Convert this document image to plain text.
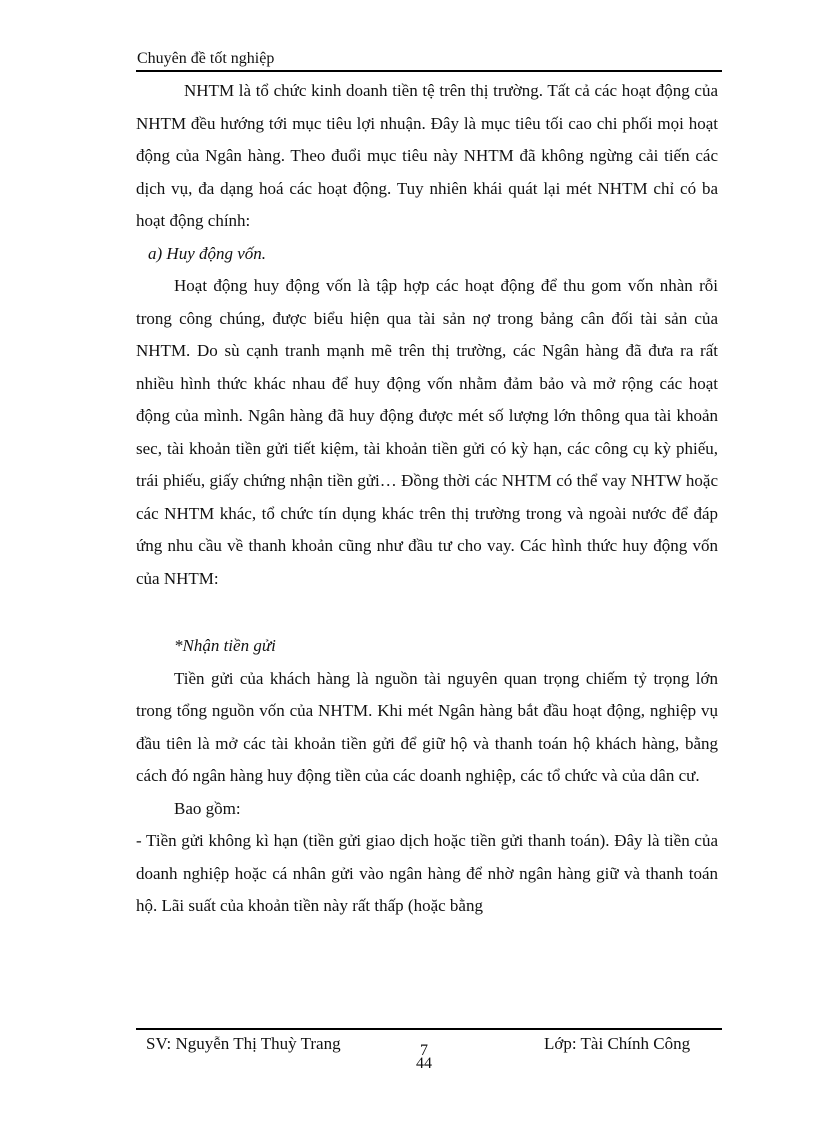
Chuyên đề tốt nghiệp

NHTM là tổ chức kinh doanh tiền tệ trên thị trường. Tất cả các hoạt động của NHTM đều hướng tới mục tiêu lợi nhuận. Đây là mục tiêu tối cao chi phối mọi hoạt động của Ngân hàng. Theo đuổi mục tiêu này NHTM đã không ngừng cải tiến các dịch vụ, đa dạng hoá các hoạt động. Tuy nhiên khái quát lại mét NHTM chỉ có ba hoạt động chính:

a) Huy động vốn.

Hoạt động huy động vốn là tập hợp các hoạt động để thu gom vốn nhàn rỗi trong công chúng, được biểu hiện qua tài sản nợ trong bảng cân đối tài sản của NHTM. Do sù cạnh tranh mạnh mẽ trên thị trường, các Ngân hàng đã đưa ra rất nhiều hình thức khác nhau để huy động vốn nhằm đảm bảo và mở rộng các hoạt động của mình. Ngân hàng đã huy động được mét số lượng lớn thông qua tài khoản sec, tài khoản tiền gửi tiết kiệm, tài khoản tiền gửi có kỳ hạn, các công cụ kỳ phiếu, trái phiếu, giấy chứng nhận tiền gửi… Đồng thời các NHTM có thể vay NHTW hoặc các NHTM khác, tổ chức tín dụng khác trên thị trường trong và ngoài nước để đáp ứng nhu cầu về thanh khoản cũng như đầu tư cho vay. Các hình thức huy động vốn của NHTM:

*Nhận tiền gửi

Tiền gửi của khách hàng là nguồn tài nguyên quan trọng chiếm tỷ trọng lớn trong tổng nguồn vốn của NHTM. Khi mét Ngân hàng bắt đầu hoạt động, nghiệp vụ đầu tiên là mở các tài khoản tiền gửi để giữ hộ và thanh toán hộ khách hàng, bằng cách đó ngân hàng huy động tiền của các doanh nghiệp, các tổ chức và của dân cư.

Bao gồm:

- Tiền gửi không kì hạn (tiền gửi giao dịch hoặc tiền gửi thanh toán). Đây là tiền của doanh nghiệp hoặc cá nhân gửi vào ngân hàng để nhờ ngân hàng giữ và thanh toán hộ. Lãi suất của khoản tiền này rất thấp (hoặc bằng

SV: Nguyễn Thị Thuỳ Trang	7
44
Lớp: Tài Chính Công
